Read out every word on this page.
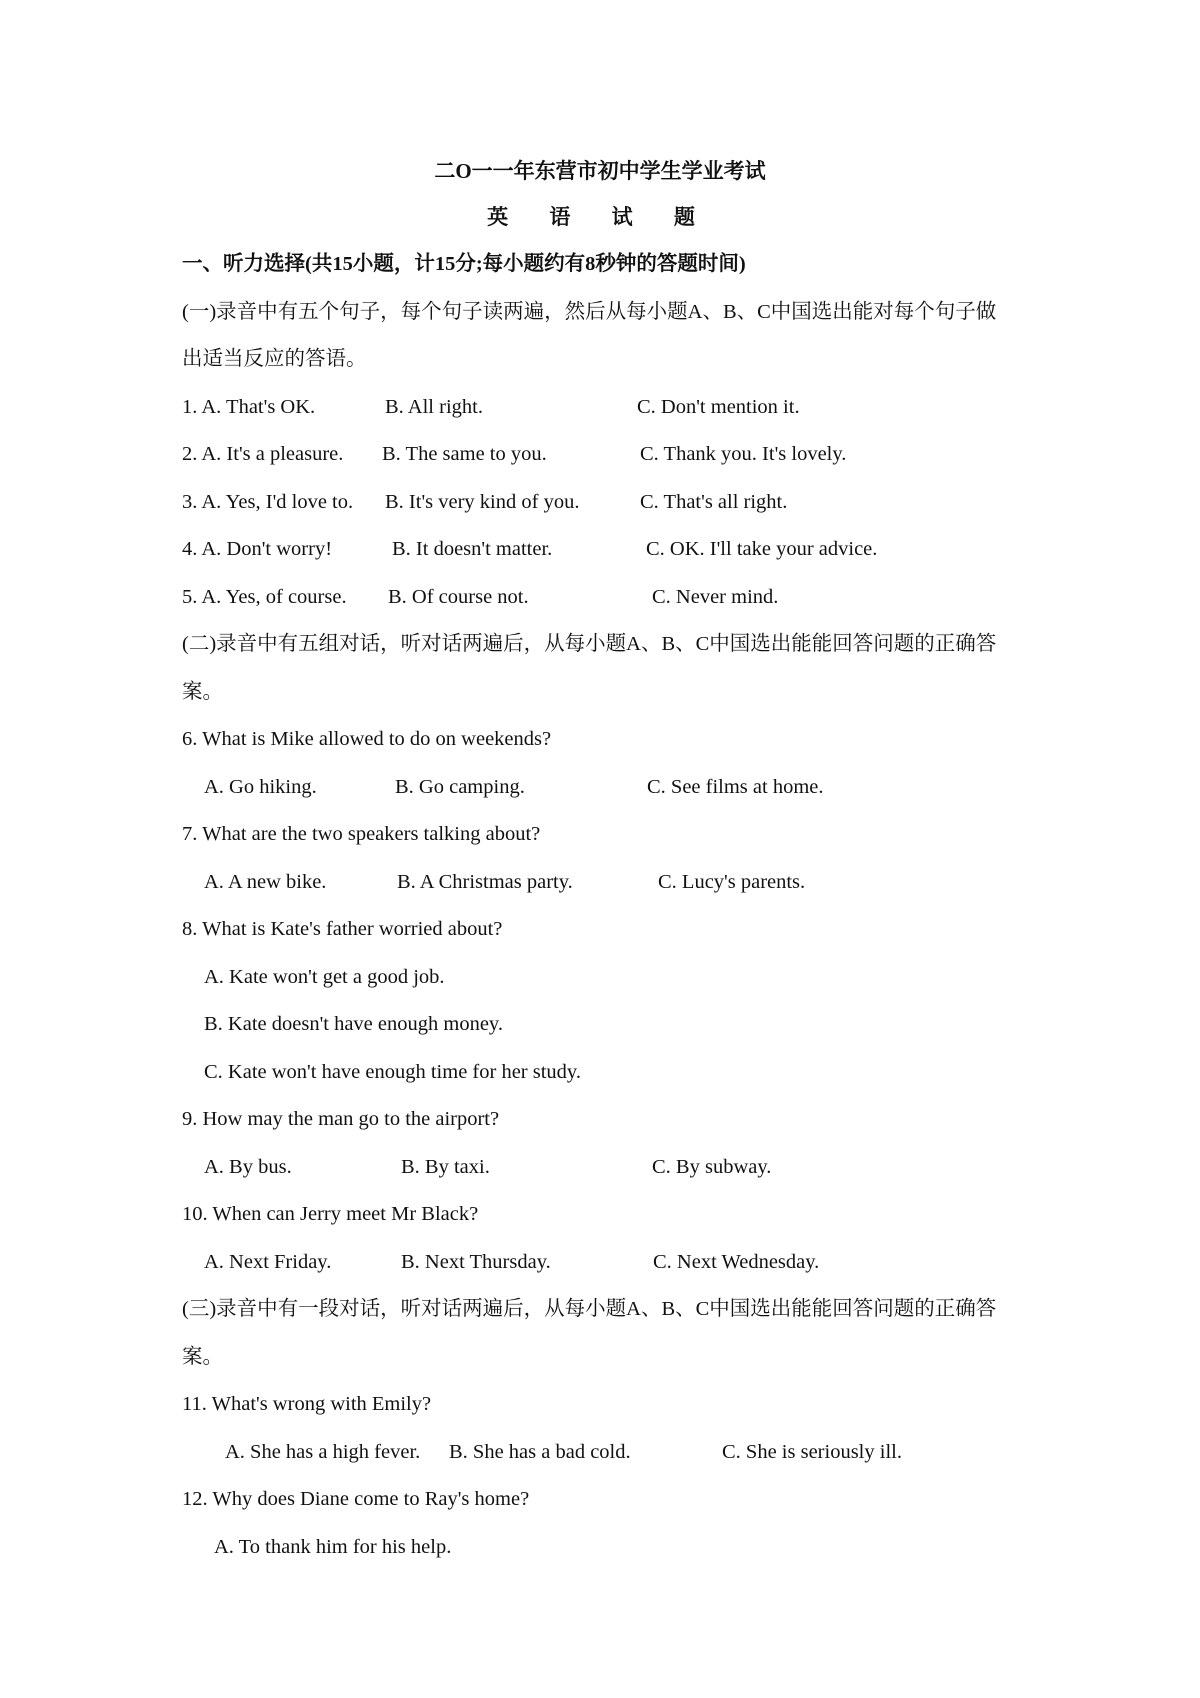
二O一一年东营市初中学生学业考试
英 语 试 题
一、听力选择(共15小题，计15分;每小题约有8秒钟的答题时间)
(一)录音中有五个句子，每个句子读两遍，然后从每小题A、B、C中国选出能对每个句子做
出适当反应的答语。
1. A. That's OK.	B. All right.	C. Don't mention it.
2. A. It's a pleasure. B. The same to you.	C. Thank you. It's lovely.
3. A. Yes, I'd love to. B. It's very kind of you.	C. That's all right.
4. A. Don't worry!	B. It doesn't matter.	C. OK. I'll take your advice.
5. A. Yes, of course. B. Of course not.	C. Never mind.
(二)录音中有五组对话，听对话两遍后，从每小题A、B、C中国选出能能回答问题的正确答
案。
6. What is Mike allowed to do on weekends?
A. Go hiking.	B. Go camping.	C. See films at home.
7. What are the two speakers talking about?
A. A new bike.	B. A Christmas party.	C. Lucy's parents.
8. What is Kate's father worried about?
A. Kate won't get a good job.
B. Kate doesn't have enough money.
C. Kate won't have enough time for her study.
9. How may the man go to the airport?
A. By bus.	B. By taxi.	C. By subway.
10. When can Jerry meet Mr Black?
A. Next Friday.	B. Next Thursday.	C. Next Wednesday.
(三)录音中有一段对话，听对话两遍后，从每小题A、B、C中国选出能能回答问题的正确答
案。
11. What's wrong with Emily?
A. She has a high fever. B. She has a bad cold.	C. She is seriously ill.
12. Why does Diane come to Ray's home?
A. To thank him for his help.
